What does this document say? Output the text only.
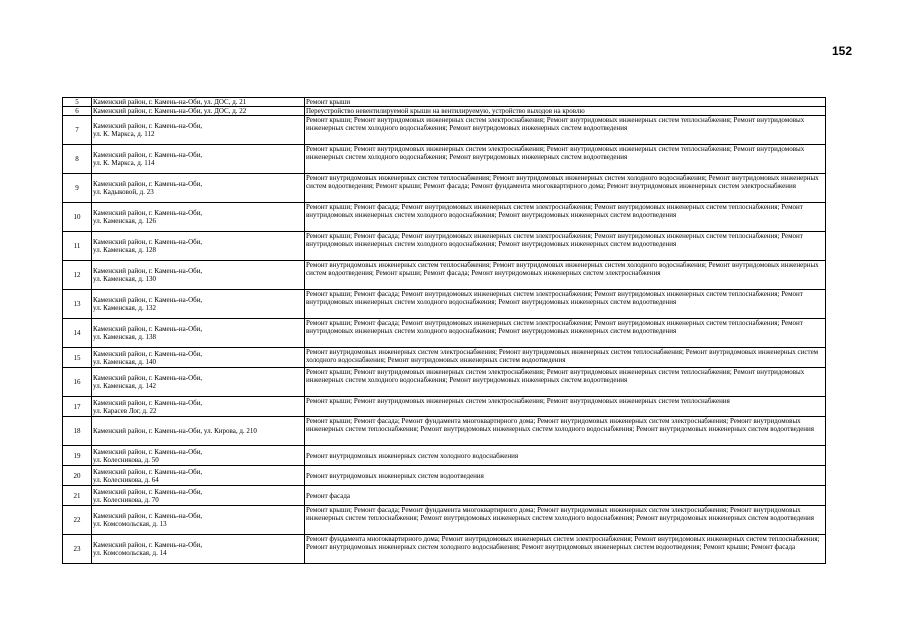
152
5	Каменский район, г. Камень-на-Оби, ул. ДОС, д. 21	Ремонт крыши
6	Каменский район, г. Камень-на-Оби, ул. ДОС, д. 22	Переустройство невентилируемой крыши на вентилируемую, устройство выходов на кровлю
7	Каменский район, г. Камень-на-Оби,
ул. К. Маркса, д. 112	Ремонт крыши; Ремонт внутридомовых инженерных систем электроснабжения; Ремонт внутридомовых инженерных систем теплоснабжения; Ремонт внутридомовых инженерных систем холодного водоснабжения; Ремонт внутридомовых инженерных систем водоотведения
8	Каменский район, г. Камень-на-Оби,
ул. К. Маркса, д. 114	Ремонт крыши; Ремонт внутридомовых инженерных систем электроснабжения; Ремонт внутридомовых инженерных систем теплоснабжения; Ремонт внутридомовых инженерных систем холодного водоснабжения; Ремонт внутридомовых инженерных систем водоотведения
9	Каменский район, г. Камень-на-Оби,
ул. Кадыковой, д. 23	Ремонт внутридомовых инженерных систем теплоснабжения; Ремонт внутридомовых инженерных систем холодного водоснабжения; Ремонт внутридомовых инженерных систем водоотведения; Ремонт крыши; Ремонт фасада; Ремонт фундамента многоквартирного дома; Ремонт внутридомовых инженерных систем электроснабжения
10	Каменский район, г. Камень-на-Оби,
ул. Каменская, д. 126	Ремонт крыши; Ремонт фасада; Ремонт внутридомовых инженерных систем электроснабжения; Ремонт внутридомовых инженерных систем теплоснабжения; Ремонт внутридомовых инженерных систем холодного водоснабжения; Ремонт внутридомовых инженерных систем водоотведения
11	Каменский район, г. Камень-на-Оби,
ул. Каменская, д. 128	Ремонт крыши; Ремонт фасада; Ремонт внутридомовых инженерных систем электроснабжения; Ремонт внутридомовых инженерных систем теплоснабжения; Ремонт внутридомовых инженерных систем холодного водоснабжения; Ремонт внутридомовых инженерных систем водоотведения
12	Каменский район, г. Камень-на-Оби,
ул. Каменская, д. 130	Ремонт внутридомовых инженерных систем теплоснабжения; Ремонт внутридомовых инженерных систем холодного водоснабжения; Ремонт внутридомовых инженерных систем водоотведения; Ремонт крыши; Ремонт фасада; Ремонт внутридомовых инженерных систем электроснабжения
13	Каменский район, г. Камень-на-Оби,
ул. Каменская, д. 132	Ремонт крыши; Ремонт фасада; Ремонт внутридомовых инженерных систем электроснабжения; Ремонт внутридомовых инженерных систем теплоснабжения; Ремонт внутридомовых инженерных систем холодного водоснабжения; Ремонт внутридомовых инженерных систем водоотведения
14	Каменский район, г. Камень-на-Оби,
ул. Каменская, д. 138	Ремонт крыши; Ремонт фасада; Ремонт внутридомовых инженерных систем электроснабжения; Ремонт внутридомовых инженерных систем теплоснабжения; Ремонт внутридомовых инженерных систем холодного водоснабжения; Ремонт внутридомовых инженерных систем водоотведения
15	Каменский район, г. Камень-на-Оби,
ул. Каменская, д. 140	Ремонт внутридомовых инженерных систем электроснабжения; Ремонт внутридомовых инженерных систем теплоснабжения; Ремонт внутридомовых инженерных систем холодного водоснабжения; Ремонт внутридомовых инженерных систем водоотведения
16	Каменский район, г. Камень-на-Оби,
ул. Каменская, д. 142	Ремонт крыши; Ремонт внутридомовых инженерных систем электроснабжения; Ремонт внутридомовых инженерных систем теплоснабжения; Ремонт внутридомовых инженерных систем холодного водоснабжения; Ремонт внутридомовых инженерных систем водоотведения
17	Каменский район, г. Камень-на-Оби,
ул. Карасев Лог, д. 22	Ремонт крыши; Ремонт внутридомовых инженерных систем электроснабжения; Ремонт внутридомовых инженерных систем теплоснабжения
18	Каменский район, г. Камень-на-Оби, ул. Кирова, д. 210	Ремонт крыши; Ремонт фасада; Ремонт фундамента многоквартирного дома; Ремонт внутридомовых инженерных систем электроснабжения; Ремонт внутридомовых инженерных систем теплоснабжения; Ремонт внутридомовых инженерных систем холодного водоснабжения; Ремонт внутридомовых инженерных систем водоотведения
19	Каменский район, г. Камень-на-Оби,
ул. Колесникова, д. 50	Ремонт внутридомовых инженерных систем холодного водоснабжения
20	Каменский район, г. Камень-на-Оби,
ул. Колесникова, д. 64	Ремонт внутридомовых инженерных систем водоотведения
21	Каменский район, г. Камень-на-Оби,
ул. Колесникова, д. 70	Ремонт фасада
22	Каменский район, г. Камень-на-Оби,
ул. Комсомольская, д. 13	Ремонт крыши; Ремонт фасада; Ремонт фундамента многоквартирного дома; Ремонт внутридомовых инженерных систем электроснабжения; Ремонт внутридомовых инженерных систем теплоснабжения; Ремонт внутридомовых инженерных систем холодного водоснабжения; Ремонт внутридомовых инженерных систем водоотведения
23	Каменский район, г. Камень-на-Оби,
ул. Комсомольская, д. 14	Ремонт фундамента многоквартирного дома; Ремонт внутридомовых инженерных систем электроснабжения; Ремонт внутридомовых инженерных систем теплоснабжения; Ремонт внутридомовых инженерных систем холодного водоснабжения; Ремонт внутридомовых инженерных систем водоотведения; Ремонт крыши; Ремонт фасада
